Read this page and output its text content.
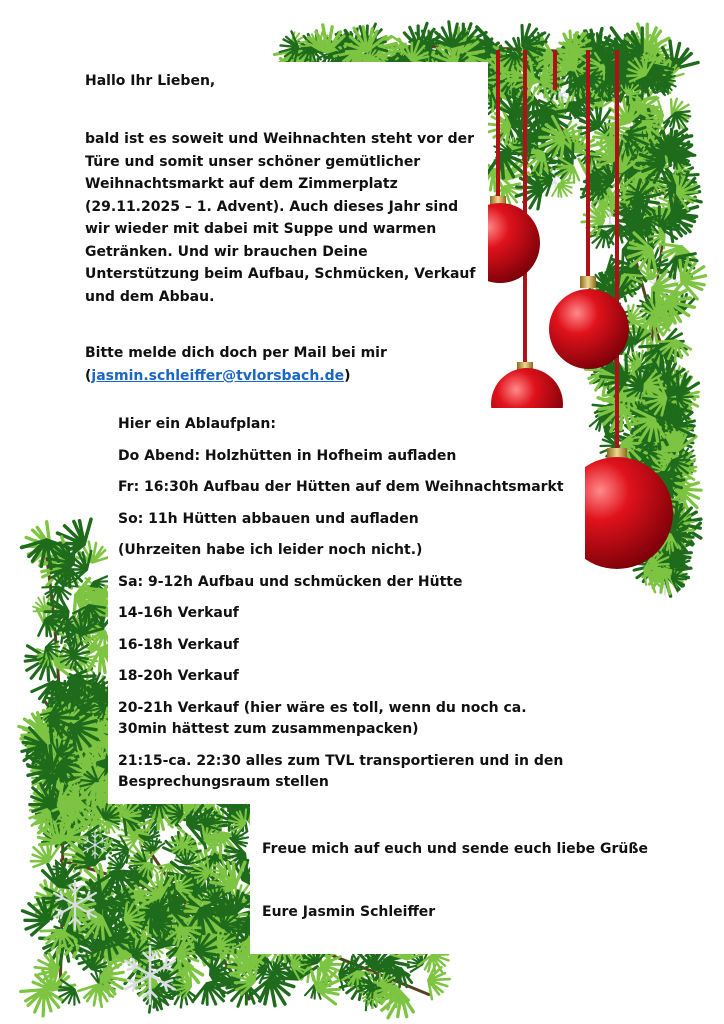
Hallo Ihr Lieben,
bald ist es soweit und Weihnachten steht vor der
Türe und somit unser schöner gemütlicher
Weihnachtsmarkt auf dem Zimmerplatz
(29.11.2025 – 1. Advent). Auch dieses Jahr sind
wir wieder mit dabei mit Suppe und warmen
Getränken. Und wir brauchen Deine
Unterstützung beim Aufbau, Schmücken, Verkauf
und dem Abbau.
Bitte melde dich doch per Mail bei mir
(jasmin.schleiffer@tvlorsbach.de)
Hier ein Ablaufplan:
Do Abend: Holzhütten in Hofheim aufladen
Fr: 16:30h Aufbau der Hütten auf dem Weihnachtsmarkt
So: 11h Hütten abbauen und aufladen
(Uhrzeiten habe ich leider noch nicht.)
Sa: 9-12h Aufbau und schmücken der Hütte
14-16h Verkauf
16-18h Verkauf
18-20h Verkauf
20-21h Verkauf (hier wäre es toll, wenn du noch ca.
30min hättest zum zusammenpacken)
21:15-ca. 22:30 alles zum TVL transportieren und in den
Besprechungsraum stellen
Freue mich auf euch und sende euch liebe Grüße
Eure Jasmin Schleiffer
